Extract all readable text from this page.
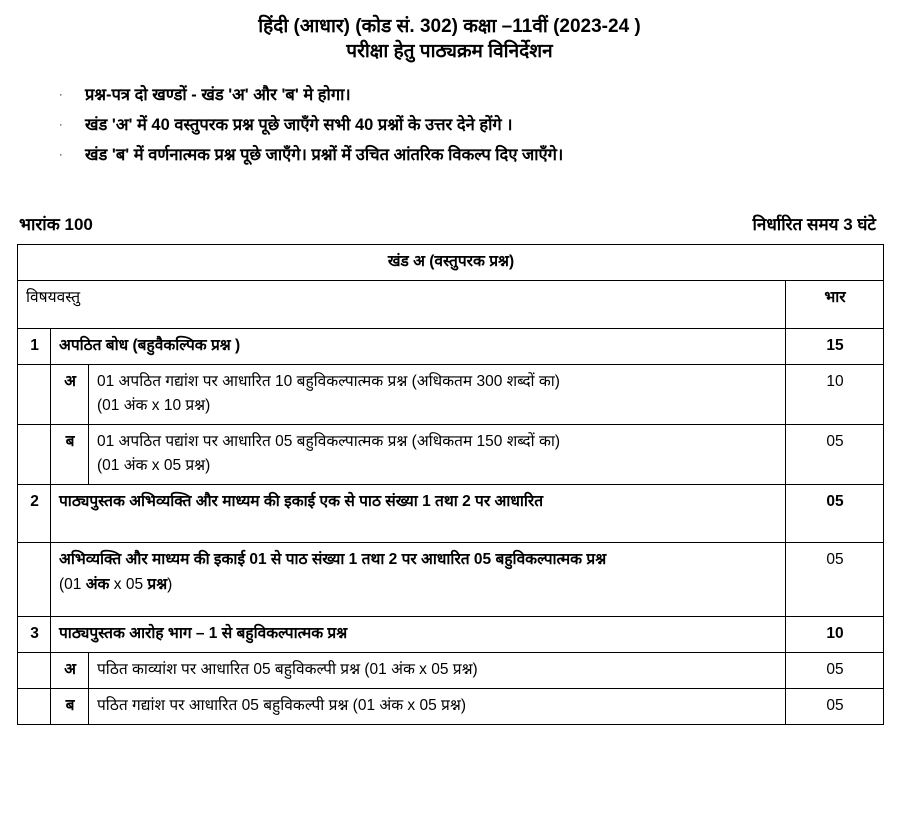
हिंदी (आधार) (कोड सं. 302) कक्षा –11वीं (2023-24 )
परीक्षा हेतु पाठ्यक्रम विनिर्देशन
·	प्रश्न-पत्र दो खण्डों - खंड 'अ' और 'ब' मे होगा।
·	खंड 'अ' में 40 वस्तुपरक प्रश्न पूछे जाएँगे सभी 40 प्रश्नों के उत्तर देने होंगे ।
·	खंड 'ब' में वर्णनात्मक प्रश्न पूछे जाएँगे। प्रश्नों में उचित आंतरिक विकल्प दिए जाएँगे।
भारांक 100	निर्धारित समय 3 घंटे
खंड अ (वस्तुपरक प्रश्न)			
विषयवस्तु			भार
1	अपठित बोध (बहुवैकल्पिक प्रश्न )		15
	अ	01 अपठित गद्यांश पर आधारित 10 बहुविकल्पात्मक प्रश्न (अधिकतम 300 शब्दों का)
(01 अंक x 10 प्रश्न)	10
	ब	01 अपठित पद्यांश पर आधारित 05 बहुविकल्पात्मक प्रश्न (अधिकतम 150 शब्दों का)
(01 अंक x 05 प्रश्न)	05
2	पाठ्यपुस्तक अभिव्यक्ति और माध्यम की इकाई एक से पाठ संख्या 1 तथा 2 पर आधारित		05
	अभिव्यक्ति और माध्यम की इकाई 01 से पाठ संख्या 1 तथा 2 पर आधारित 05 बहुविकल्पात्मक प्रश्न
(01 अंक x 05 प्रश्न)		05
3	पाठ्यपुस्तक आरोह भाग – 1 से बहुविकल्पात्मक प्रश्न		10
	अ	पठित काव्यांश पर आधारित 05 बहुविकल्पी प्रश्न (01 अंक x 05 प्रश्न)	05
	ब	पठित गद्यांश पर आधारित 05 बहुविकल्पी प्रश्न (01 अंक x 05 प्रश्न)	05
